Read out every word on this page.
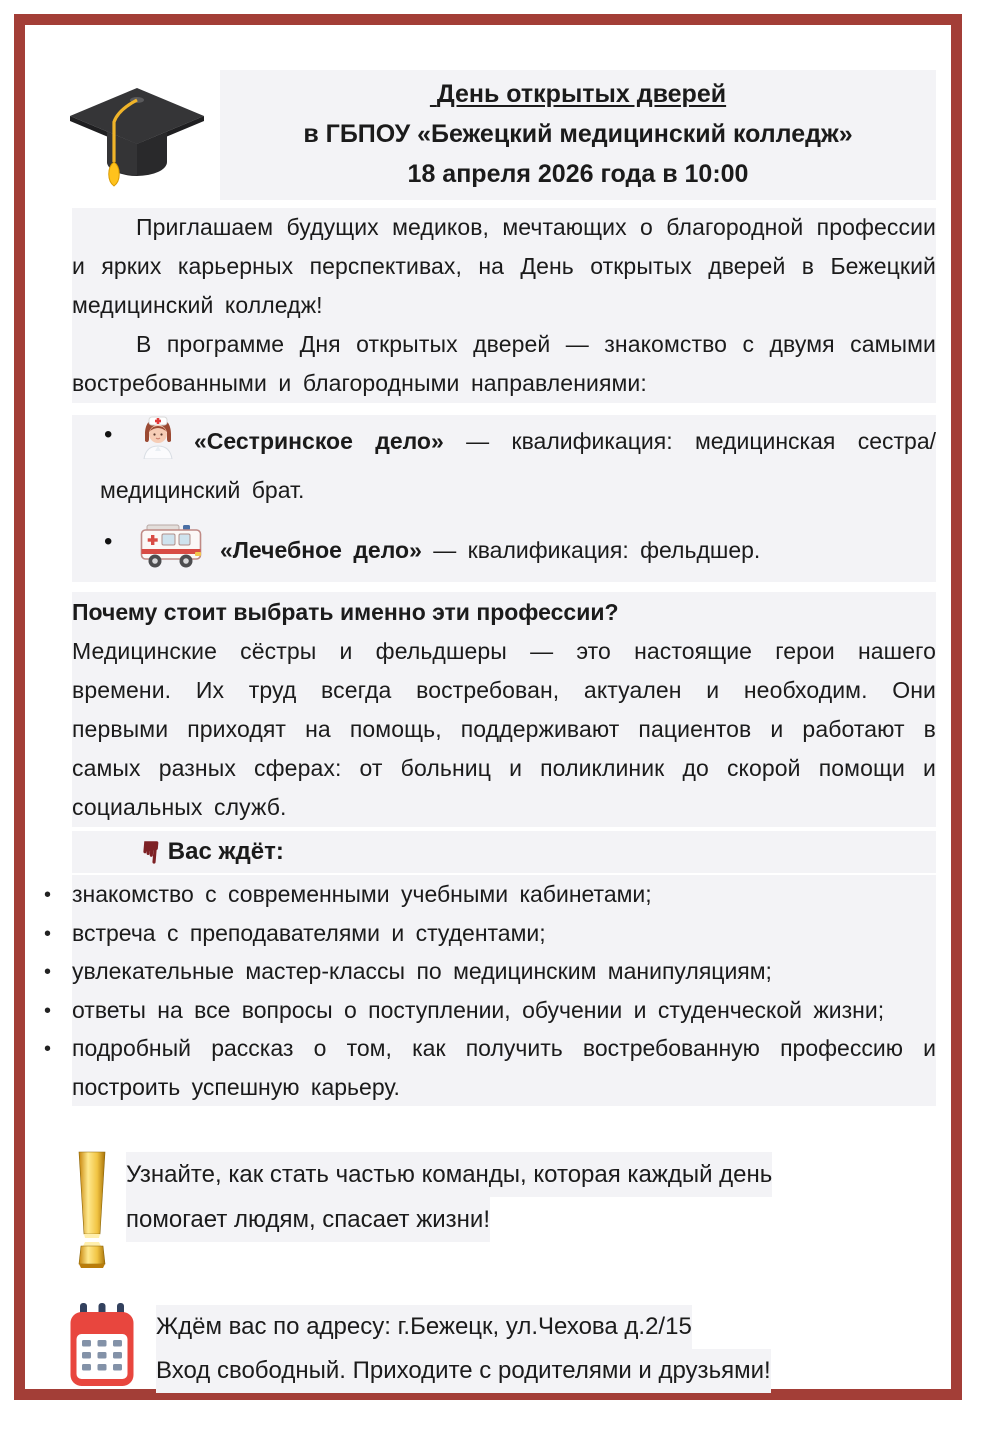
День открытых дверей
в ГБПОУ «Бежецкий медицинский колледж»
18 апреля 2026 года в 10:00

Приглашаем будущих медиков, мечтающих о благородной профессии и ярких карьерных перспективах, на День открытых дверей в Бежецкий медицинский колледж!

В программе Дня открытых дверей — знакомство с двумя самыми востребованными и благородными направлениями:

• «Сестринское дело» — квалификация: медицинская сестра/медицинский брат.
• «Лечебное дело» — квалификация: фельдшер.
Почему стоит выбрать именно эти профессии?

Медицинские сёстры и фельдшеры — это настоящие герои нашего времени. Их труд всегда востребован, актуален и необходим. Они первыми приходят на помощь, поддерживают пациентов и работают в самых разных сферах: от больниц и поликлиник до скорой помощи и социальных служб.

☛Вас ждёт:
• знакомство с современными учебными кабинетами;
• встреча с преподавателями и студентами;
• увлекательные мастер-классы по медицинским манипуляциям;
• ответы на все вопросы о поступлении, обучении и студенческой жизни;
• подробный рассказ о том, как получить востребованную профессию и построить успешную карьеру.
Узнайте, как стать частью команды, которая каждый день
помогает людям, спасает жизни!
Ждём вас по адресу: г.Бежецк, ул.Чехова д.2/15
Вход свободный. Приходите с родителями и друзьями!
